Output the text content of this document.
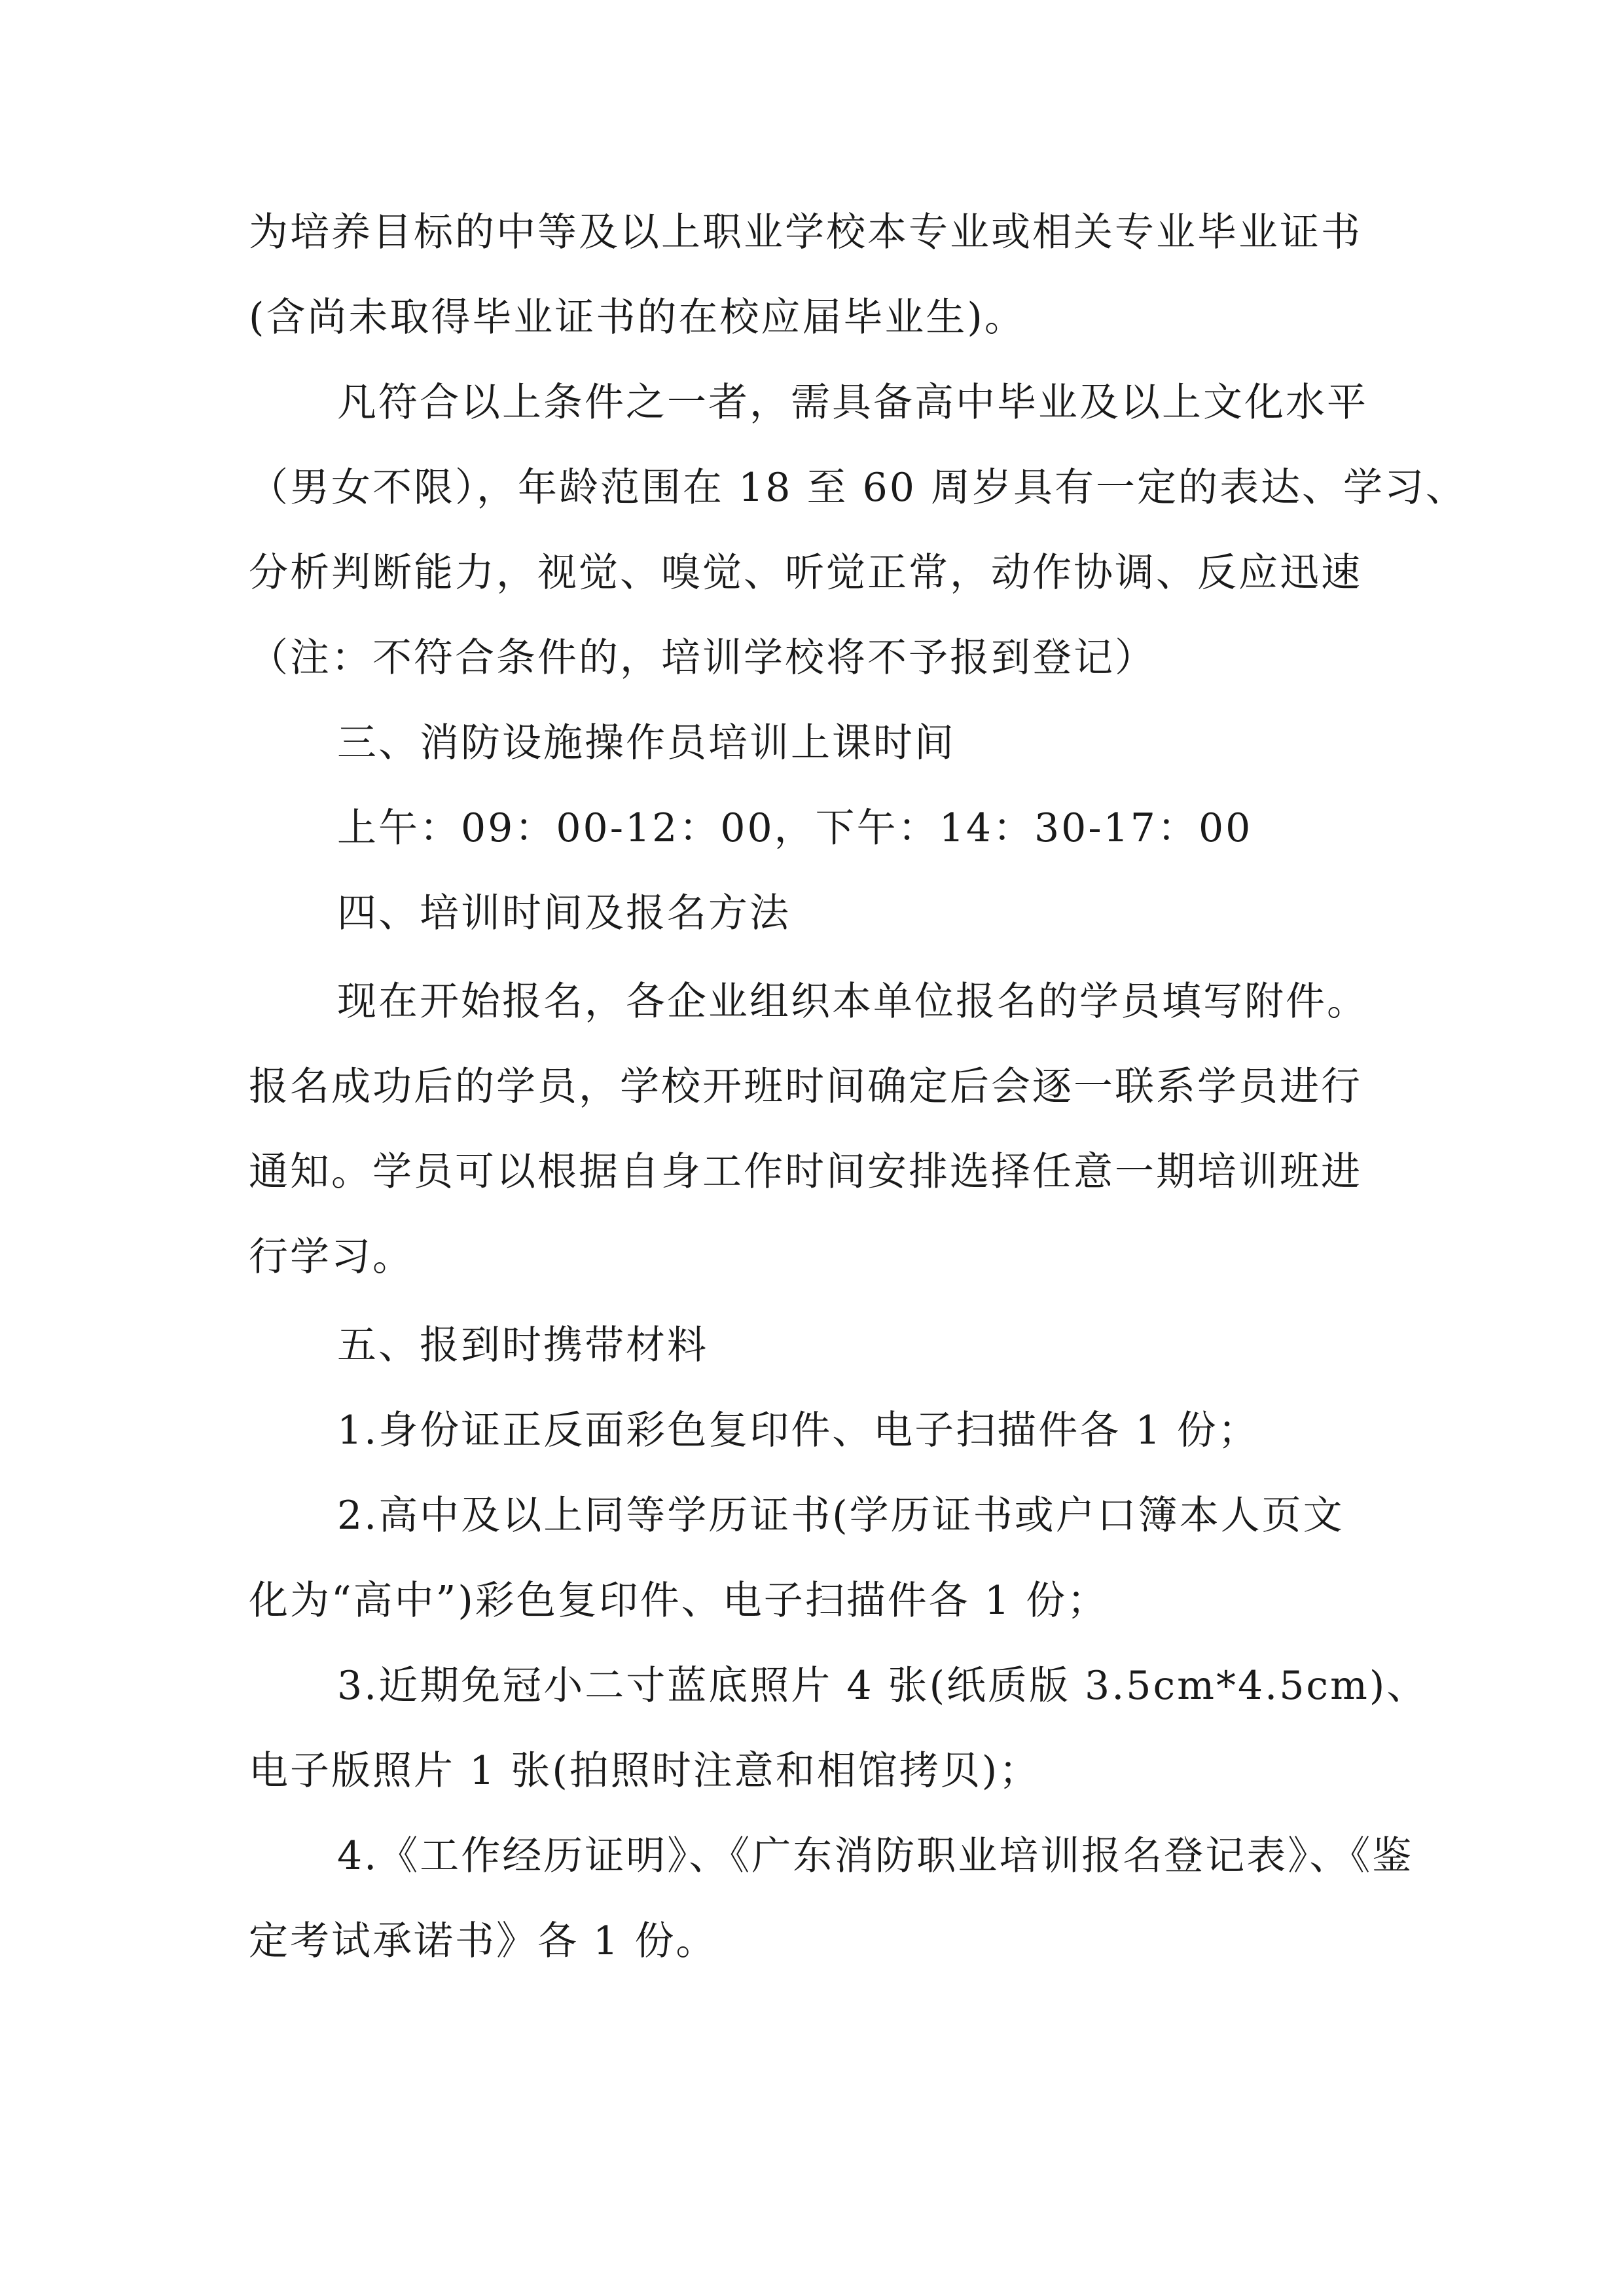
为培养目标的中等及以上职业学校本专业或相关专业毕业证书
(含尚未取得毕业证书的在校应届毕业生)。
凡符合以上条件之一者，需具备高中毕业及以上文化水平
（男女不限），年龄范围在 18 至 60 周岁具有一定的表达、学习、
分析判断能力，视觉、嗅觉、听觉正常，动作协调、反应迅速
（注：不符合条件的，培训学校将不予报到登记）
三、消防设施操作员培训上课时间
上午：09：00-12：00，下午：14：30-17：00
四、培训时间及报名方法
现在开始报名，各企业组织本单位报名的学员填写附件。
报名成功后的学员，学校开班时间确定后会逐一联系学员进行
通知。学员可以根据自身工作时间安排选择任意一期培训班进
行学习。
五、报到时携带材料
1.身份证正反面彩色复印件、电子扫描件各 1 份；
2.高中及以上同等学历证书(学历证书或户口簿本人页文
化为“高中”)彩色复印件、电子扫描件各 1 份；
3.近期免冠小二寸蓝底照片 4 张(纸质版 3.5cm*4.5cm)、
电子版照片 1 张(拍照时注意和相馆拷贝)；
4.《工作经历证明》、《广东消防职业培训报名登记表》、《鉴
定考试承诺书》各 1 份。
